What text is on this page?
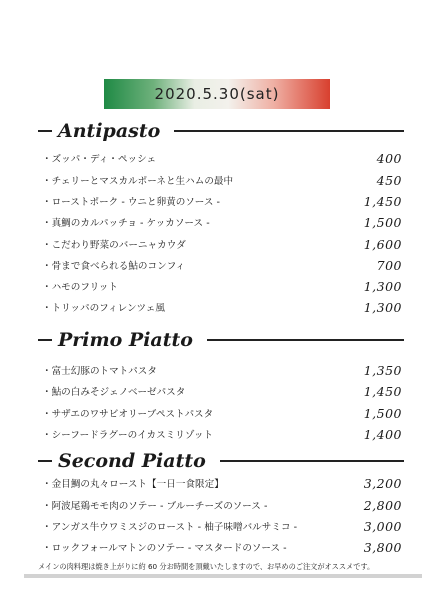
2020.5.30(sat)
Antipasto
・ズッパ・ディ・ペッシェ	400
・チェリーとマスカルポーネと生ハムの最中	450
・ローストポーク - ウニと卵黄のソース -	1,450
・真鯛のカルパッチョ - ケッカソース -	1,500
・こだわり野菜のバーニャカウダ	1,600
・骨まで食べられる鮎のコンフィ	700
・ハモのフリット	1,300
・トリッパのフィレンツェ風	1,300
Primo Piatto
・富士幻豚のトマトパスタ	1,350
・鮎の白みそジェノベーゼパスタ	1,450
・サザエのワサビオリーブペストパスタ	1,500
・シーフードラグーのイカスミリゾット	1,400
Second Piatto
・金目鯛の丸々ロースト【一日一食限定】	3,200
・阿波尾鶏モモ肉のソテー - ブルーチーズのソース -	2,800
・アンガス牛ウワミスジのロースト - 柚子味噌バルサミコ -	3,000
・ロックフォールマトンのソテー - マスタードのソース -	3,800
メインの肉料理は焼き上がりに約 60 分お時間を頂戴いたしますので、お早めのご注文がオススメです。
